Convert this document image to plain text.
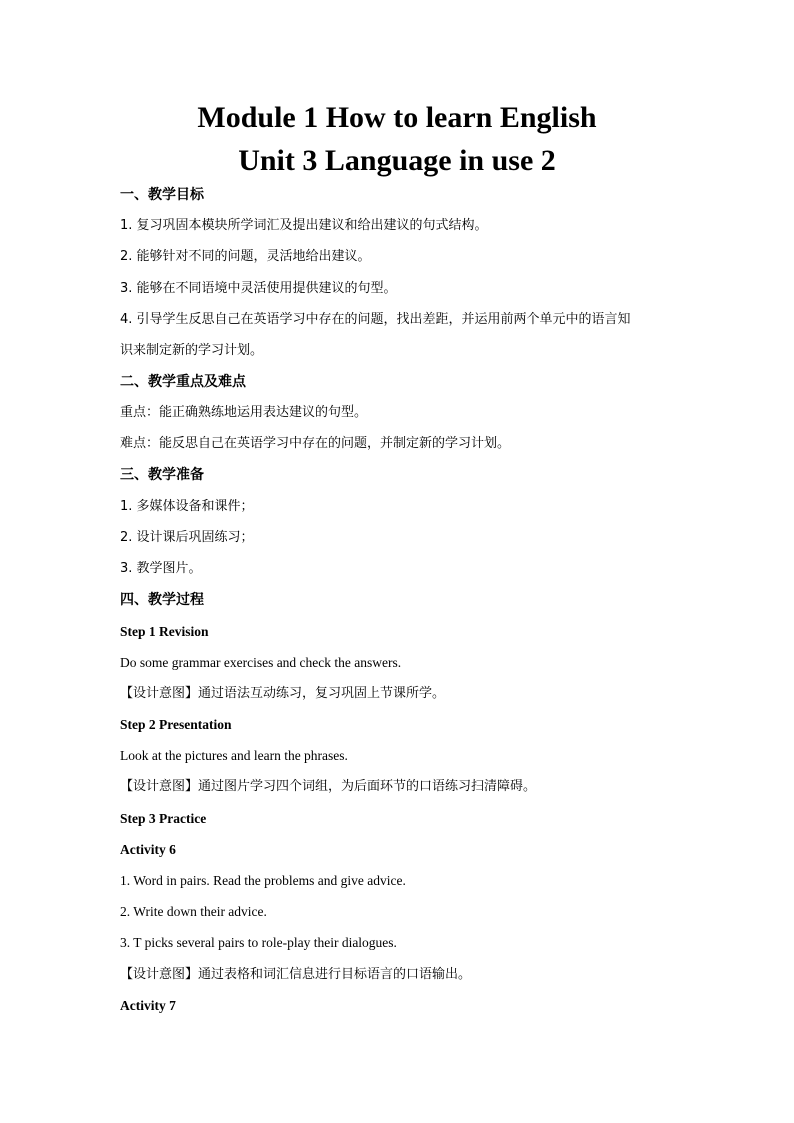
Module 1 How to learn English
Unit 3 Language in use 2
一、教学目标
1. 复习巩固本模块所学词汇及提出建议和给出建议的句式结构。
2. 能够针对不同的问题，灵活地给出建议。
3. 能够在不同语境中灵活使用提供建议的句型。
4. 引导学生反思自己在英语学习中存在的问题，找出差距，并运用前两个单元中的语言知
识来制定新的学习计划。
二、教学重点及难点
重点：能正确熟练地运用表达建议的句型。
难点：能反思自己在英语学习中存在的问题，并制定新的学习计划。
三、教学准备
1. 多媒体设备和课件；
2. 设计课后巩固练习；
3. 教学图片。
四、教学过程
Step 1 Revision
Do some grammar exercises and check the answers.
【设计意图】通过语法互动练习，复习巩固上节课所学。
Step 2 Presentation
Look at the pictures and learn the phrases.
【设计意图】通过图片学习四个词组，为后面环节的口语练习扫清障碍。
Step 3 Practice
Activity 6
1. Word in pairs. Read the problems and give advice.
2. Write down their advice.
3. T picks several pairs to role-play their dialogues.
【设计意图】通过表格和词汇信息进行目标语言的口语输出。
Activity 7
